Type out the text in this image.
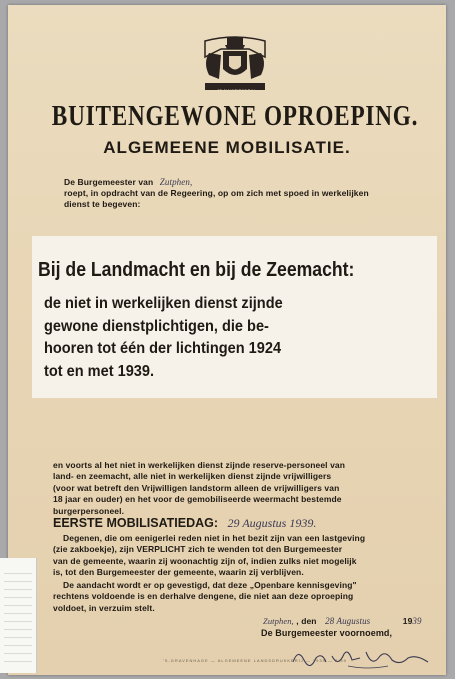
JE MAINTIENDRAI
BUITENGEWONE OPROEPING.
ALGEMEENE MOBILISATIE.
De Burgemeester van Zutphen,
roept, in opdracht van de Regeering, op om zich met spoed in werkelijken
dienst te begeven:
Bij de Landmacht en bij de Zeemacht:
de niet in werkelijken dienst zijnde
gewone dienstplichtigen, die be-
hooren tot één der lichtingen 1924
tot en met 1939.
en voorts al het niet in werkelijken dienst zijnde reserve-personeel van
land- en zeemacht, alle niet in werkelijken dienst zijnde vrijwilligers
(voor wat betreft den Vrijwilligen landstorm alleen de vrijwilligers van
18 jaar en ouder) en het voor de gemobiliseerde weermacht bestemde
burgerpersoneel.
EERSTE MOBILISATIEDAG: 29 Augustus 1939.
Degenen, die om eenigerlei reden niet in het bezit zijn van een lastgeving
(zie zakboekje), zijn VERPLICHT zich te wenden tot den Burgemeester
van de gemeente, waarin zij woonachtig zijn of, indien zulks niet mogelijk
is, tot den Burgemeester der gemeente, waarin zij verblijven.
De aandacht wordt er op gevestigd, dat deze „Openbare kennisgeving"
rechtens voldoende is en derhalve dengene, die niet aan deze oproeping
voldoet, in verzuim stelt.
Zutphen, , den 28 Augustus	1939
De Burgemeester voornoemd,
'S-GRAVENHAGE — ALGEMEENE LANDSDRUKKERIJ — 1939 — 3/39
